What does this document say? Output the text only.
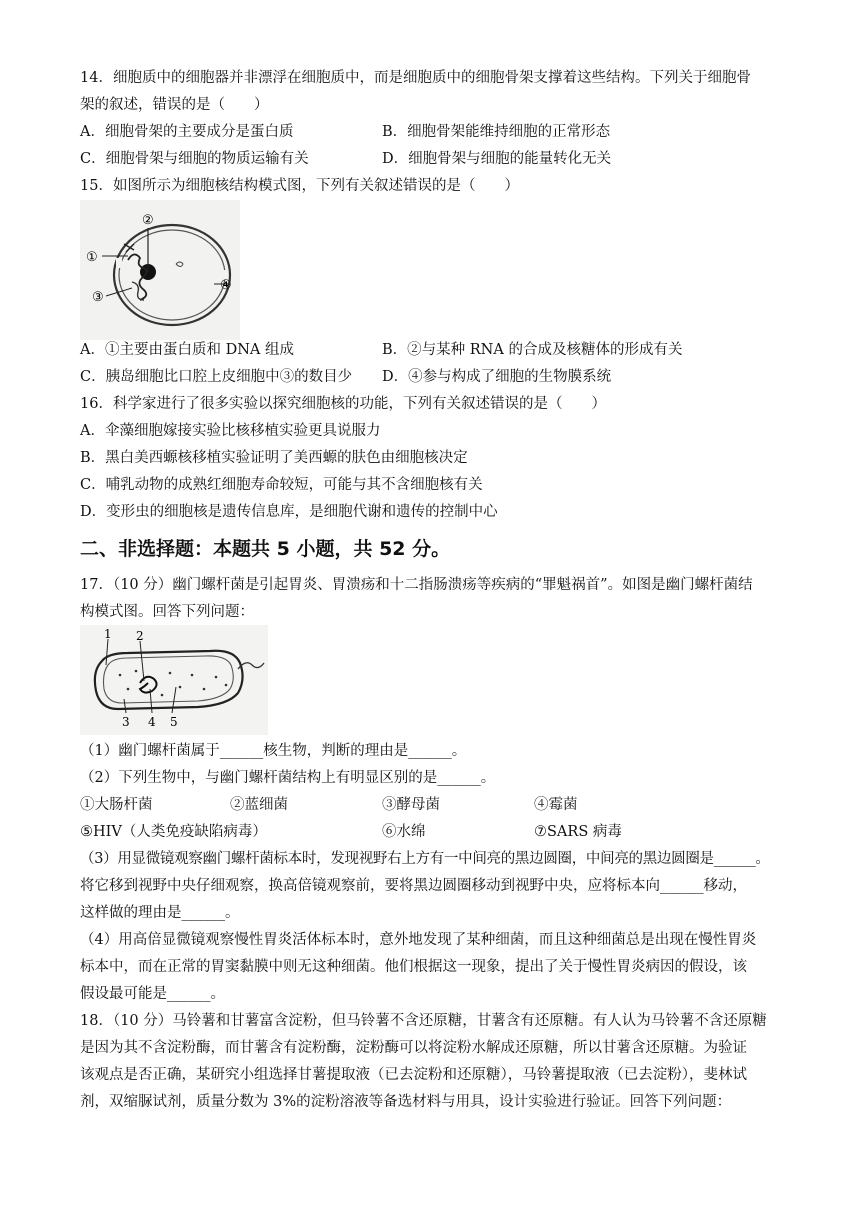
14．细胞质中的细胞器并非漂浮在细胞质中，而是细胞质中的细胞骨架支撑着这些结构。下列关于细胞骨
架的叙述，错误的是（　　）
A．细胞骨架的主要成分是蛋白质	B．细胞骨架能维持细胞的正常形态
C．细胞骨架与细胞的物质运输有关	D．细胞骨架与细胞的能量转化无关
15．如图所示为细胞核结构模式图，下列有关叙述错误的是（　　）
②
①
③
④
A．①主要由蛋白质和 DNA 组成	B．②与某种 RNA 的合成及核糖体的形成有关
C．胰岛细胞比口腔上皮细胞中③的数目少 D．④参与构成了细胞的生物膜系统
16．科学家进行了很多实验以探究细胞核的功能，下列有关叙述错误的是（　　）
A．伞藻细胞嫁接实验比核移植实验更具说服力
B．黑白美西螈核移植实验证明了美西螈的肤色由细胞核决定
C．哺乳动物的成熟红细胞寿命较短，可能与其不含细胞核有关
D．变形虫的细胞核是遗传信息库，是细胞代谢和遗传的控制中心
二、非选择题：本题共 5 小题，共 52 分。
17．（10 分）幽门螺杆菌是引起胃炎、胃溃疡和十二指肠溃疡等疾病的“罪魁祸首”。如图是幽门螺杆菌结
构模式图。回答下列问题：
1 2
3 4 5
（1）幽门螺杆菌属于______核生物，判断的理由是______。
（2）下列生物中，与幽门螺杆菌结构上有明显区别的是______。
①大肠杆菌	②蓝细菌	③酵母菌	④霉菌
⑤HIV（人类免疫缺陷病毒）	⑥水绵	⑦SARS 病毒
（3）用显微镜观察幽门螺杆菌标本时，发现视野右上方有一中间亮的黑边圆圈，中间亮的黑边圆圈是______。
将它移到视野中央仔细观察，换高倍镜观察前，要将黑边圆圈移动到视野中央，应将标本向______移动，
这样做的理由是______。
（4）用高倍显微镜观察慢性胃炎活体标本时，意外地发现了某种细菌，而且这种细菌总是出现在慢性胃炎
标本中，而在正常的胃窦黏膜中则无这种细菌。他们根据这一现象，提出了关于慢性胃炎病因的假设，该
假设最可能是______。
18．（10 分）马铃薯和甘薯富含淀粉，但马铃薯不含还原糖，甘薯含有还原糖。有人认为马铃薯不含还原糖
是因为其不含淀粉酶，而甘薯含有淀粉酶，淀粉酶可以将淀粉水解成还原糖，所以甘薯含还原糖。为验证
该观点是否正确，某研究小组选择甘薯提取液（已去淀粉和还原糖），马铃薯提取液（已去淀粉），斐林试
剂，双缩脲试剂，质量分数为 3%的淀粉溶液等备选材料与用具，设计实验进行验证。回答下列问题：
